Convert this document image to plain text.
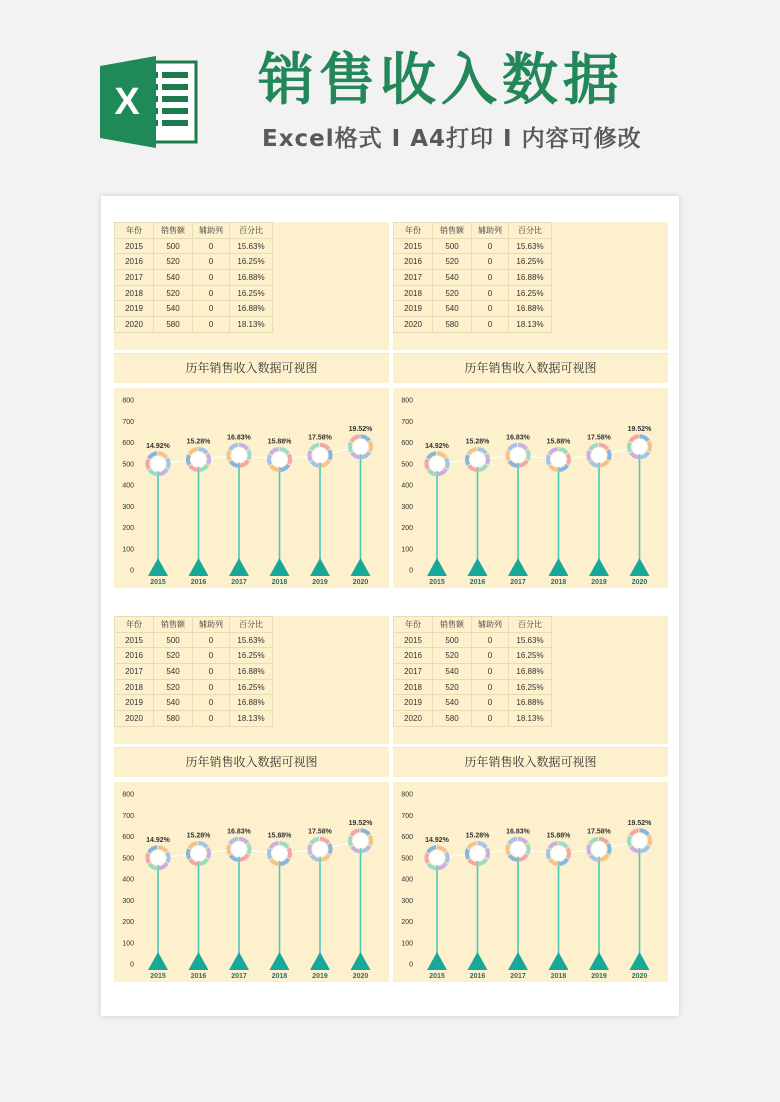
X 销售收入数据
Excel格式 I A4打印 I 内容可修改
年份	销售额	辅助列	百分比
2015	500	0	15.63%
2016	520	0	16.25%
2017	540	0	16.88%
2018	520	0	16.25%
2019	540	0	16.88%
2020	580	0	18.13%
历年销售收入数据可视图
0
100
200
300
400
500
600
700
800
14.92%
2015
15.28%
2016
16.83%
2017
15.88%
2018
17.58%
2019
19.52%
2020
年份	销售额	辅助列	百分比
2015	500	0	15.63%
2016	520	0	16.25%
2017	540	0	16.88%
2018	520	0	16.25%
2019	540	0	16.88%
2020	580	0	18.13%
历年销售收入数据可视图
0
100
200
300
400
500
600
700
800
14.92%
2015
15.28%
2016
16.83%
2017
15.88%
2018
17.58%
2019
19.52%
2020
年份	销售额	辅助列	百分比
2015	500	0	15.63%
2016	520	0	16.25%
2017	540	0	16.88%
2018	520	0	16.25%
2019	540	0	16.88%
2020	580	0	18.13%
历年销售收入数据可视图
0
100
200
300
400
500
600
700
800
14.92%
2015
15.28%
2016
16.83%
2017
15.88%
2018
17.58%
2019
19.52%
2020
年份	销售额	辅助列	百分比
2015	500	0	15.63%
2016	520	0	16.25%
2017	540	0	16.88%
2018	520	0	16.25%
2019	540	0	16.88%
2020	580	0	18.13%
历年销售收入数据可视图
0
100
200
300
400
500
600
700
800
14.92%
2015
15.28%
2016
16.83%
2017
15.88%
2018
17.58%
2019
19.52%
2020
